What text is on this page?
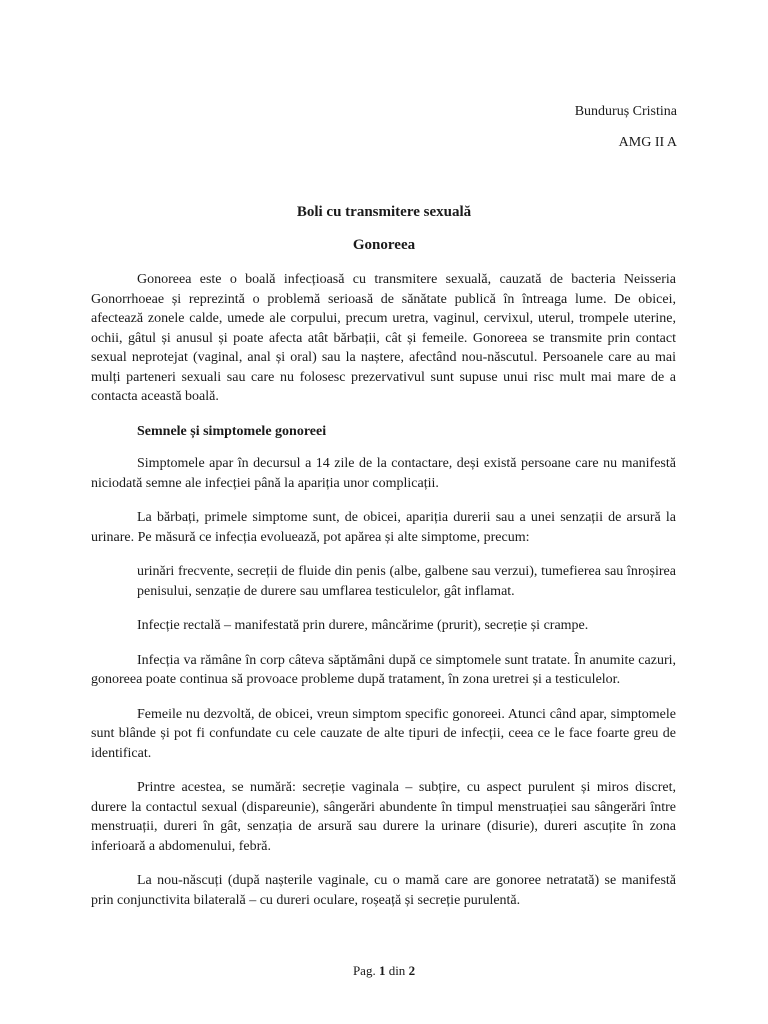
Bunduruș Cristina
AMG II A
Boli cu transmitere sexuală
Gonoreea

Gonoreea este o boală infecțioasă cu transmitere sexuală, cauzată de bacteria Neisseria Gonorrhoeae și reprezintă o problemă serioasă de sănătate publică în întreaga lume. De obicei, afectează zonele calde, umede ale corpului, precum uretra, vaginul, cervixul, uterul, trompele uterine, ochii, gâtul și anusul și poate afecta atât bărbații, cât și femeile. Gonoreea se transmite prin contact sexual neprotejat (vaginal, anal și oral) sau la naștere, afectând nou-născutul. Persoanele care au mai mulți parteneri sexuali sau care nu folosesc prezervativul sunt supuse unui risc mult mai mare de a contacta această boală.

Semnele și simptomele gonoreei

Simptomele apar în decursul a 14 zile de la contactare, deși există persoane care nu manifestă niciodată semne ale infecției până la apariția unor complicații.

La bărbați, primele simptome sunt, de obicei, apariția durerii sau a unei senzații de arsură la urinare. Pe măsură ce infecția evoluează, pot apărea și alte simptome, precum:

urinări frecvente, secreții de fluide din penis (albe, galbene sau verzui), tumefierea sau înroșirea penisului, senzație de durere sau umflarea testiculelor, gât inflamat.

Infecție rectală – manifestată prin durere, mâncărime (prurit), secreție și crampe.

Infecția va rămâne în corp câteva săptămâni după ce simptomele sunt tratate. În anumite cazuri, gonoreea poate continua să provoace probleme după tratament, în zona uretrei și a testiculelor.

Femeile nu dezvoltă, de obicei, vreun simptom specific gonoreei. Atunci când apar, simptomele sunt blânde și pot fi confundate cu cele cauzate de alte tipuri de infecții, ceea ce le face foarte greu de identificat.

Printre acestea, se numără: secreție vaginala – subțire, cu aspect purulent și miros discret, durere la contactul sexual (dispareunie), sângerări abundente în timpul menstruației sau sângerări între menstruații, dureri în gât, senzația de arsură sau durere la urinare (disurie), dureri ascuțite în zona inferioară a abdomenului, febră.

La nou-născuți (după nașterile vaginale, cu o mamă care are gonoree netratată) se manifestă prin conjunctivita bilaterală – cu dureri oculare, roșeață și secreție purulentă.

Pag. 1 din 2
